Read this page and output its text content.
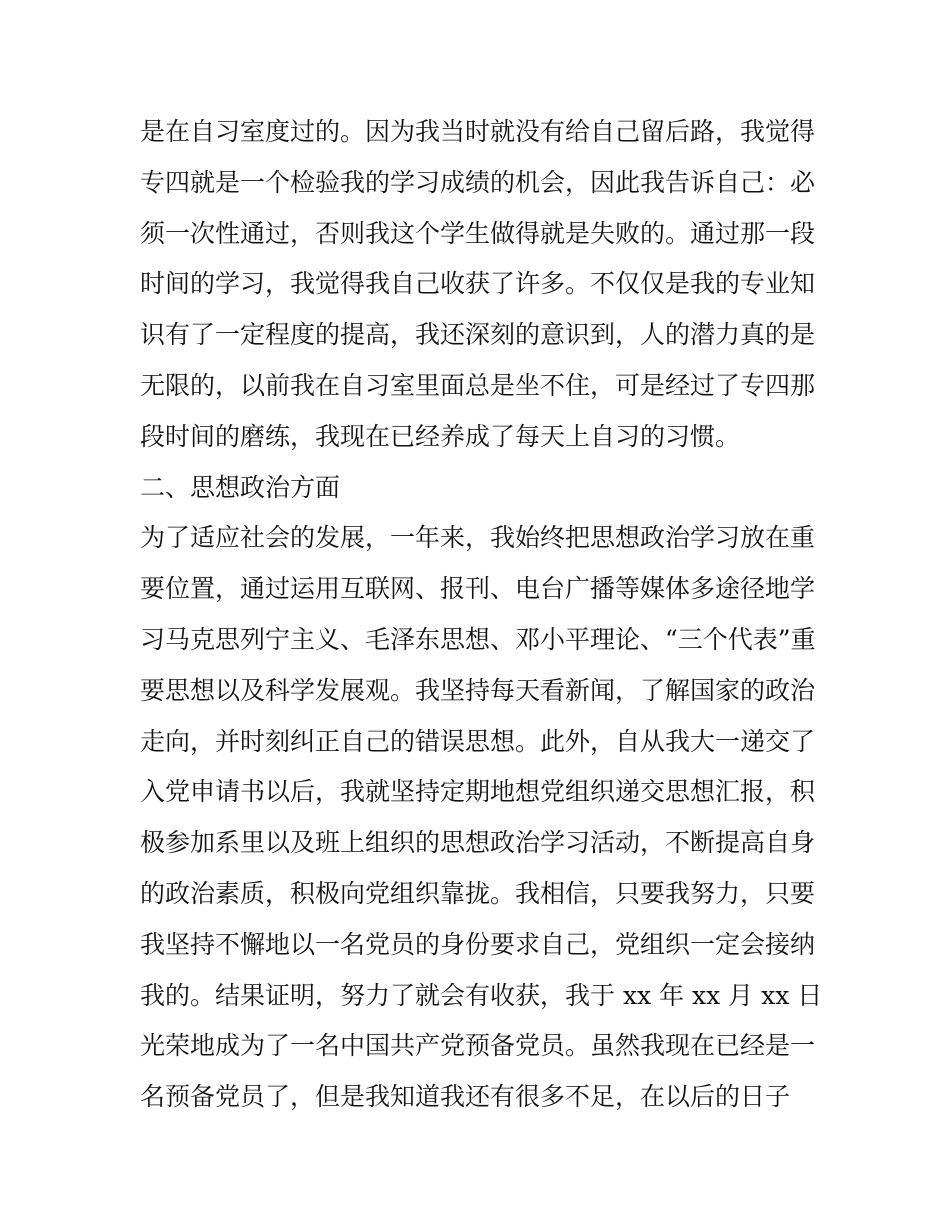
是在自习室度过的。因为我当时就没有给自己留后路，我觉得
专四就是一个检验我的学习成绩的机会，因此我告诉自己：必
须一次性通过，否则我这个学生做得就是失败的。通过那一段
时间的学习，我觉得我自己收获了许多。不仅仅是我的专业知
识有了一定程度的提高，我还深刻的意识到，人的潜力真的是
无限的，以前我在自习室里面总是坐不住，可是经过了专四那
段时间的磨练，我现在已经养成了每天上自习的习惯。
二、思想政治方面
为了适应社会的发展，一年来，我始终把思想政治学习放在重
要位置，通过运用互联网、报刊、电台广播等媒体多途径地学
习马克思列宁主义、毛泽东思想、邓小平理论、“三个代表”重
要思想以及科学发展观。我坚持每天看新闻，了解国家的政治
走向，并时刻纠正自己的错误思想。此外，自从我大一递交了
入党申请书以后，我就坚持定期地想党组织递交思想汇报，积
极参加系里以及班上组织的思想政治学习活动，不断提高自身
的政治素质，积极向党组织靠拢。我相信，只要我努力，只要
我坚持不懈地以一名党员的身份要求自己，党组织一定会接纳
我的。结果证明，努力了就会有收获，我于 xx 年 xx 月 xx 日
光荣地成为了一名中国共产党预备党员。虽然我现在已经是一
名预备党员了，但是我知道我还有很多不足，在以后的日子
